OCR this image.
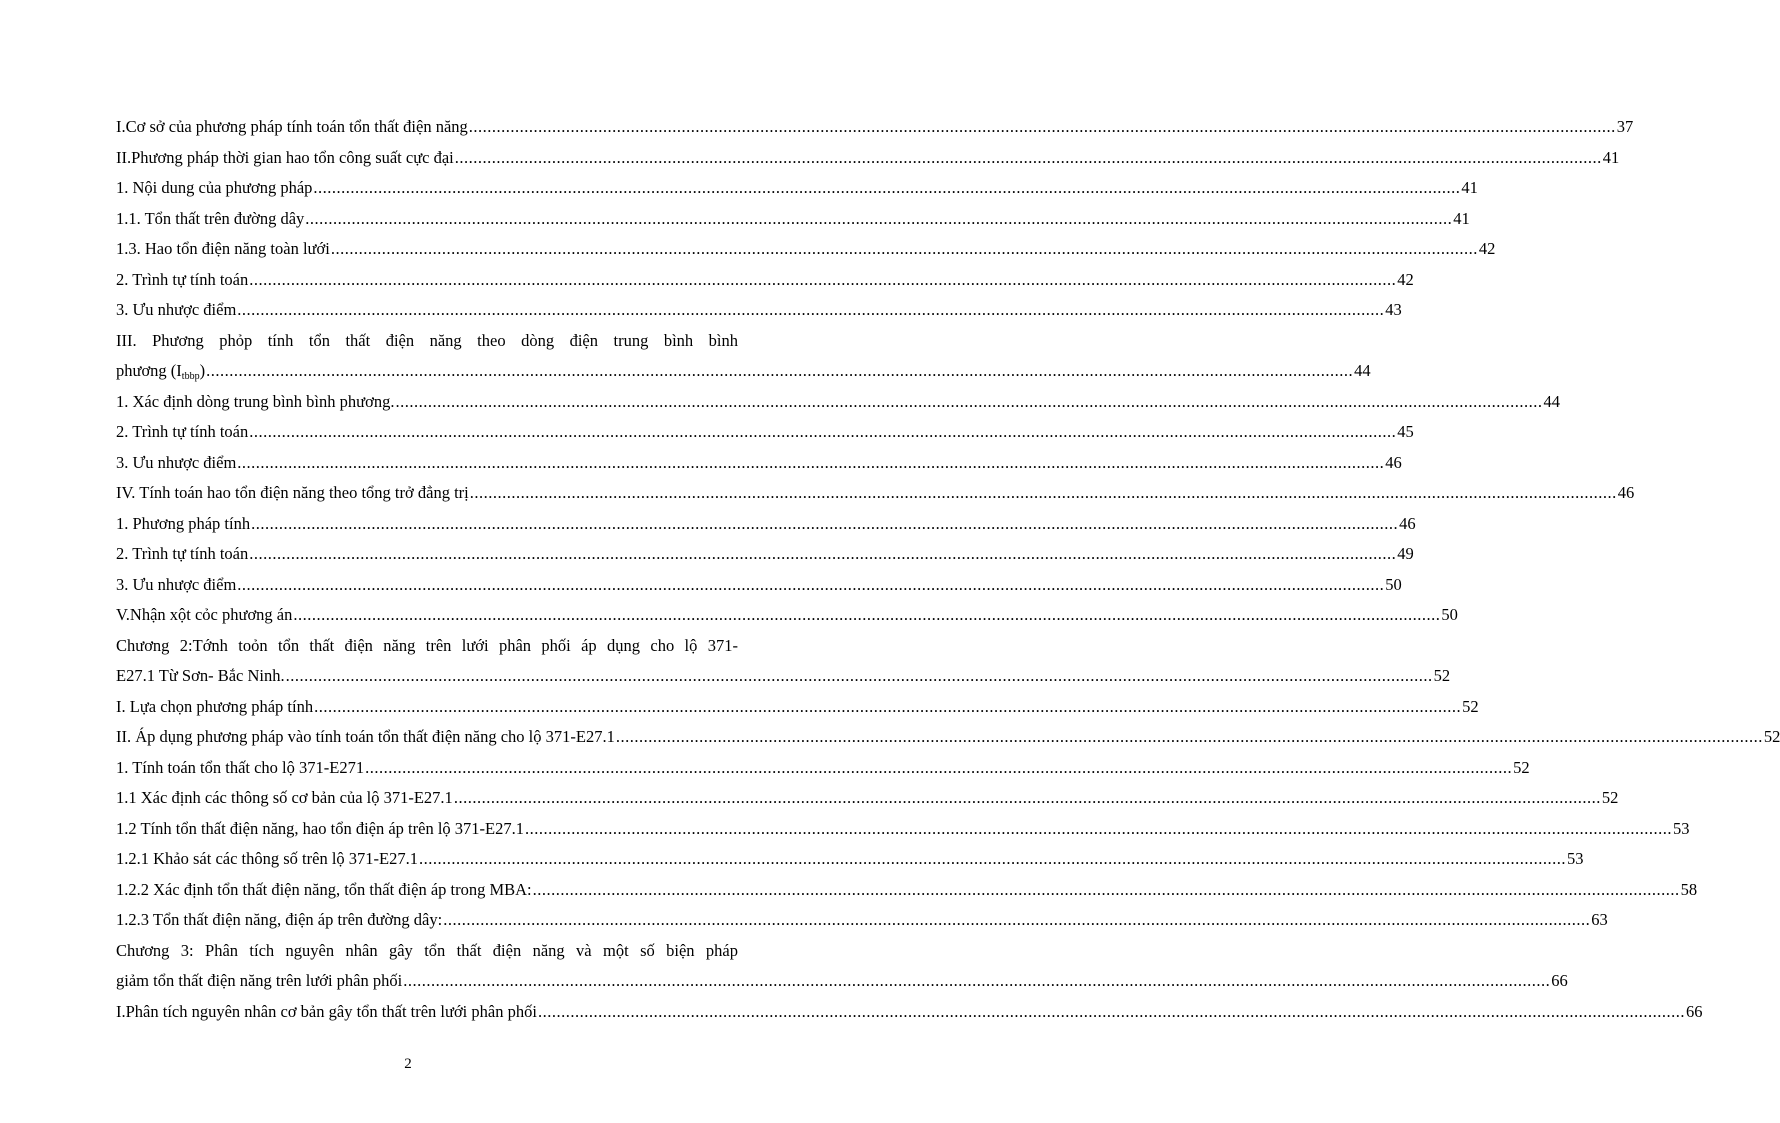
I.Cơ sở của phương pháp tính toán tổn thất điện năng .....	37
II.Phương pháp thời gian hao tổn công suất cực đại .....	41
1. Nội dung của phương pháp .....	41
1.1. Tổn thất trên đường dây .....	41
1.3. Hao tổn điện năng toàn lưới .....	42
2. Trình tự tính toán .....	42
3. Ưu nhược điểm .....	43
III. Phương phỏp tính tổn thất điện năng theo dòng điện trung bình bình
phương $(I_{tbbp})$ .....	44
1. Xác định dòng trung bình bình phương. .....	44
2. Trình tự tính toán .....	45
3. Ưu nhược điểm .....	46
IV. Tính toán hao tổn điện năng theo tổng trở đẳng trị .....	46
1. Phương pháp tính .....	46
2. Trình tự tính toán .....	49
3. Ưu nhược điểm .....	50
V.Nhận xột cỏc phương án .....	50
Chương 2:Tớnh toỏn tổn thất điện năng trên lưới phân phối áp dụng cho lộ 371-
E27.1 Từ Sơn- Bắc Ninh. .....	52
I. Lựa chọn phương pháp tính .....	52
II. Áp dụng phương pháp vào tính toán tổn thất điện năng cho lộ 371-E27.1 .....	52
1. Tính toán tổn thất cho lộ 371-E271 .....	52
1.1 Xác định các thông số cơ bản của lộ 371-E27.1 .....	52
1.2 Tính tổn thất điện năng, hao tổn điện áp trên lộ 371-E27.1 .....	53
1.2.1 Khảo sát các thông số trên lộ 371-E27.1 .....	53
1.2.2 Xác định tổn thất điện năng, tổn thất điện áp trong MBA: .....	58
1.2.3 Tổn thất điện năng, điện áp trên đường dây: .....	63
Chương 3: Phân tích nguyên nhân gây tổn thất điện năng và một số biện pháp
giảm tổn thất điện năng trên lưới phân phối .....	66
I.Phân tích nguyên nhân cơ bản gây tổn thất trên lưới phân phối .....	66
2
